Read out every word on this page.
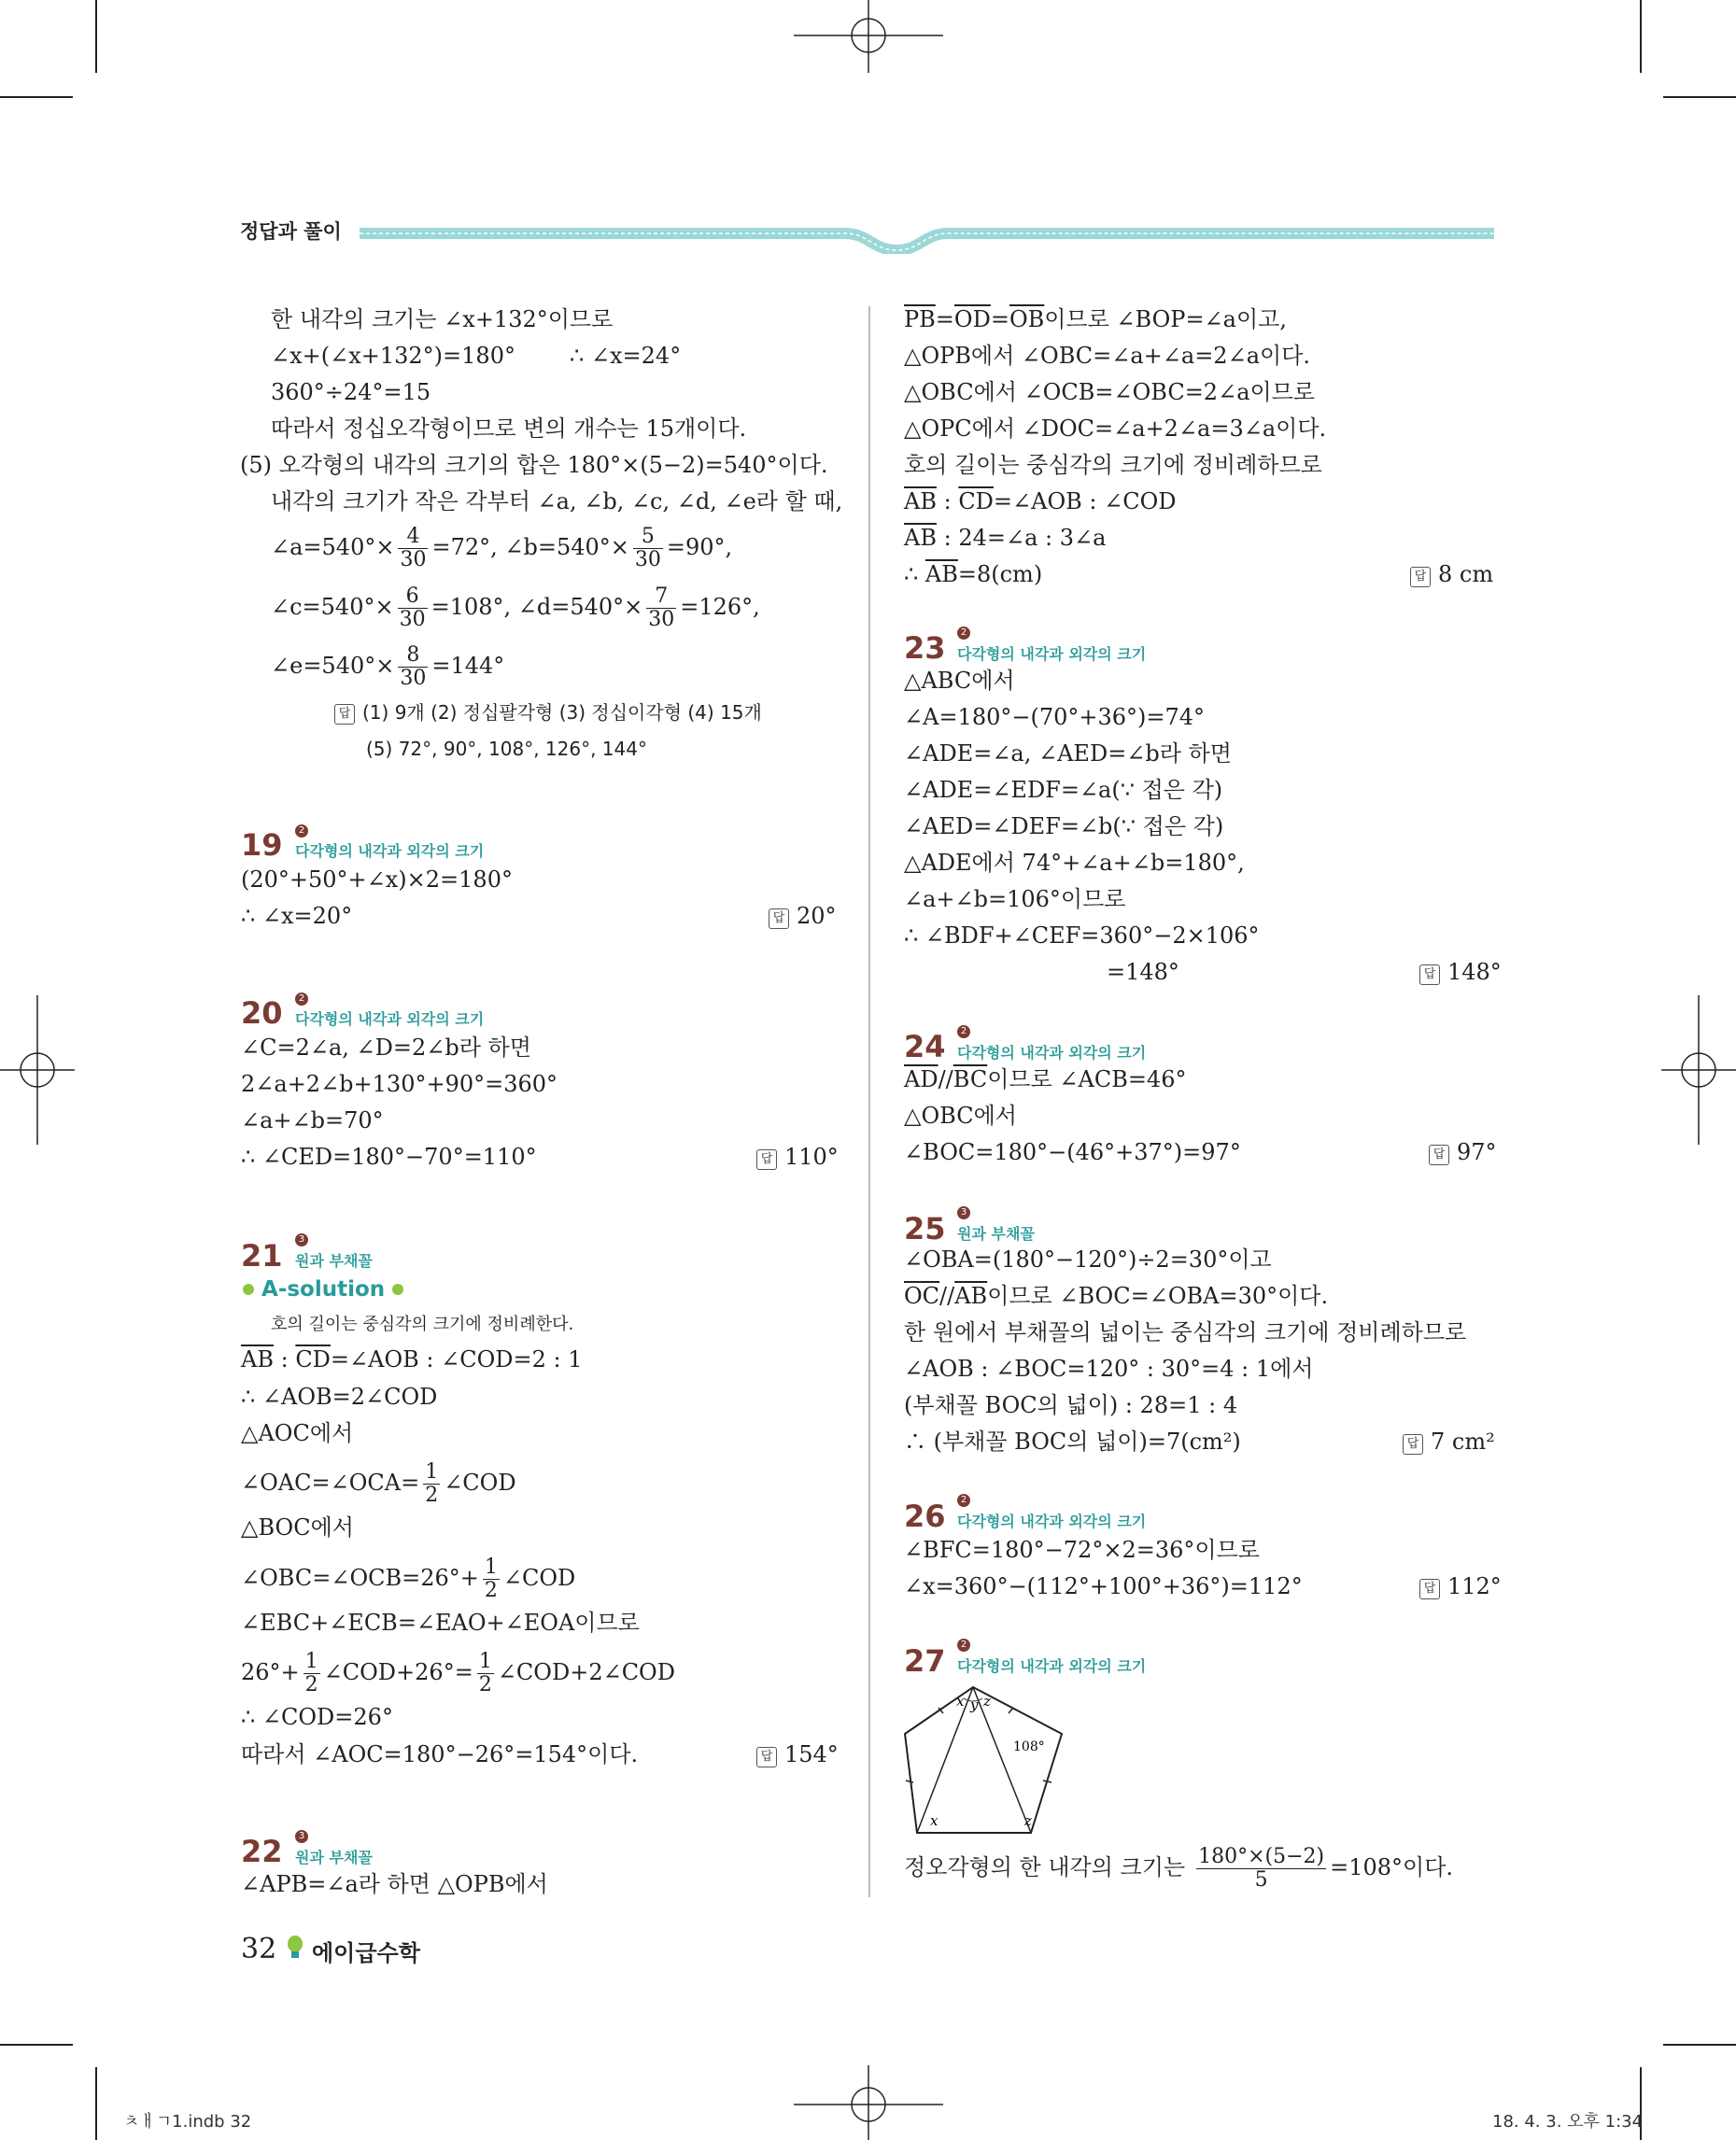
정답과 풀이
한 내각의 크기는 ∠x+132°이므로
∠x+(∠x+132°)=180° ∴ ∠x=24°
360°÷24°=15
따라서 정십오각형이므로 변의 개수는 15개이다.
(5) 오각형의 내각의 크기의 합은 180°×(5−2)=540°이다.
내각의 크기가 작은 각부터 ∠a, ∠b, ∠c, ∠d, ∠e라 할 때,
∠a=540°× $\frac{4}{30} =72^\circ$, ∠b=540°× $\frac{5}{30} =90^\circ$,
∠c=540°× $\frac{6}{30} =108^\circ$, ∠d=540°× $\frac{7}{30} =126^\circ$,
∠e=540°× $\frac{8}{30} =144^\circ$
답 (1) 9개 (2) 정십팔각형 (3) 정십이각형 (4) 15개
(5) 72°, 90°, 108°, 126°, 144°
19	2
다각형의 내각과 외각의 크기
(20°+50°+∠x)×2=180°
∴ ∠x=20°	답 20°
20	2
다각형의 내각과 외각의 크기
∠C=2∠a, ∠D=2∠b라 하면
2∠a+2∠b+130°+90°=360°
∠a+∠b=70°
∴ ∠CED=180°−70°=110°	답 110°
21	3
원과 부채꼴
A-solution
호의 길이는 중심각의 크기에 정비례한다.
$\overline{AB}$ : $\overline{CD}=\angle AOB$ : ∠COD=2 : 1
∴ ∠AOB=2∠COD
△AOC에서
∠OAC=∠OCA= $\frac{1}{2}$ ∠COD
△BOC에서
∠OBC=∠OCB=26°+ $\frac{1}{2}$ ∠COD
∠EBC+∠ECB=∠EAO+∠EOA이므로
$26^\circ+ \frac{1}{2}$ ∠COD+26°= $\frac{1}{2}$ ∠COD+2∠COD
∴ ∠COD=26°
따라서 ∠AOC=180°−26°=154°이다.	답 154°
22	3
원과 부채꼴
∠APB=∠a라 하면 △OPB에서
$\overline{PB}=\overline{OD}=\overline{OB}$이므로 ∠BOP=∠a이고,
△OPB에서 ∠OBC=∠a+∠a=2∠a이다.
△OBC에서 ∠OCB=∠OBC=2∠a이므로
△OPC에서 ∠DOC=∠a+2∠a=3∠a이다.
호의 길이는 중심각의 크기에 정비례하므로
$\overline{AB}$ : $\overline{CD}=\angle AOB$ : ∠COD
$\overline{AB}$ : 24=∠a : 3∠a
∴ $\overline{AB}=8(cm)$	답 8 cm
23	2
다각형의 내각과 외각의 크기
△ABC에서
∠A=180°−(70°+36°)=74°
∠ADE=∠a, ∠AED=∠b라 하면
∠ADE=∠EDF=∠a(∵ 접은 각)
∠AED=∠DEF=∠b(∵ 접은 각)
△ADE에서 74°+∠a+∠b=180°,
∠a+∠b=106°이므로
∴ ∠BDF+∠CEF=360°−2×106°
=148°	답 148°
24	2
다각형의 내각과 외각의 크기
$\overline{AD}//\overline{BC}$이므로 ∠ACB=46°
△OBC에서
∠BOC=180°−(46°+37°)=97°	답 97°
25	3
원과 부채꼴
∠OBA=(180°−120°)÷2=30°이고
$\overline{OC}//\overline{AB}$이므로 ∠BOC=∠OBA=30°이다.
한 원에서 부채꼴의 넓이는 중심각의 크기에 정비례하므로
∠AOB : ∠BOC=120° : 30°=4 : 1에서
(부채꼴 BOC의 넓이) : 28=1 : 4
∴ (부채꼴 BOC의 넓이)=7(cm²)	답 7 cm²
26	2
다각형의 내각과 외각의 크기
∠BFC=180°−72°×2=36°이므로
∠x=360°−(112°+100°+36°)=112°	답 112°
27	2
다각형의 내각과 외각의 크기
x y z
108°
x	z
정오각형의 한 내각의 크기는 $\frac{180^\circ\times(5-2)}{5} =108^\circ$이다.
32 에이급수학
ㅊㅐㄱ1.indb 32	18. 4. 3. 오후 1:34
